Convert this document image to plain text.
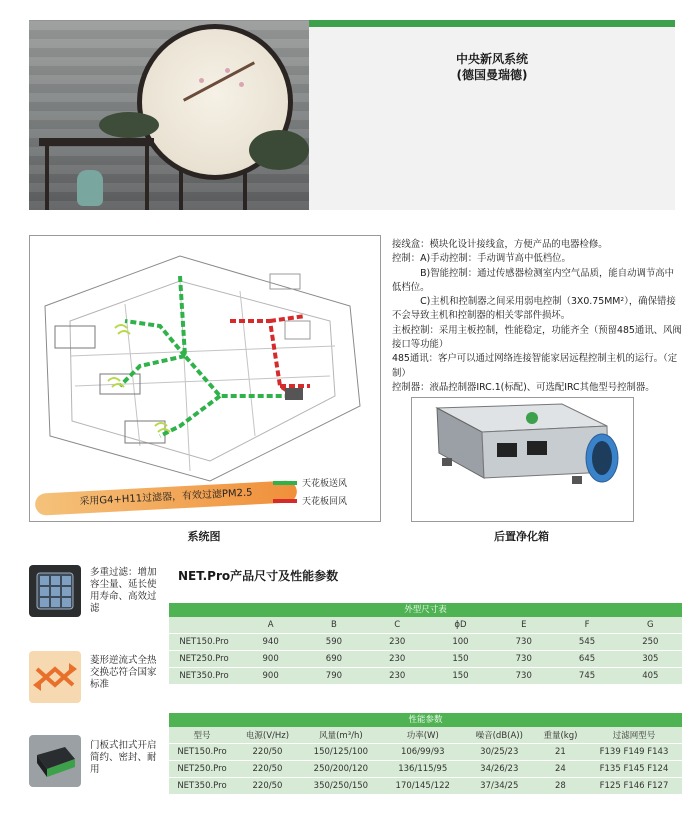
中央新风系统
(德国曼瑞德)
采用G4+H11过滤器，有效过滤PM2.5
天花板送风
天花板回风
系统图

接线盒：模块化设计接线盒，方便产品的电器检修。

控制：A)手动控制：手动调节高中低档位。

　　　B)智能控制：通过传感器检测室内空气品质，能自动调节高中低档位。

　　　C)主机和控制器之间采用弱电控制（3X0.75MM²），确保错接不会导致主机和控制器的相关零部件损坏。

主板控制：采用主板控制，性能稳定，功能齐全（预留485通讯、风阀接口等功能）

485通讯：客户可以通过网络连接智能家居远程控制主机的运行。（定制）

控制器：液晶控制器IRC.1(标配)、可选配IRC其他型号控制器。

后置净化箱
多重过滤：增加容尘量、延长使用寿命、高效过滤
菱形逆流式全热交换芯符合国家标准
门板式扣式开启 简约、密封、耐用
NET.Pro产品尺寸及性能参数
外型尺寸表							
	A	B	C	ϕD	E	F	G
NET150.Pro	940	590	230	100	730	545	250
NET250.Pro	900	690	230	150	730	645	305
NET350.Pro	900	790	230	150	730	745	405
性能参数						
型号	电源(V/Hz)	风量(m³/h)	功率(W)	噪音(dB(A))	重量(kg)	过滤网型号
NET150.Pro	220/50	150/125/100	106/99/93	30/25/23	21	F139 F149 F143
NET250.Pro	220/50	250/200/120	136/115/95	34/26/23	24	F135 F145 F124
NET350.Pro	220/50	350/250/150	170/145/122	37/34/25	28	F125 F146 F127
